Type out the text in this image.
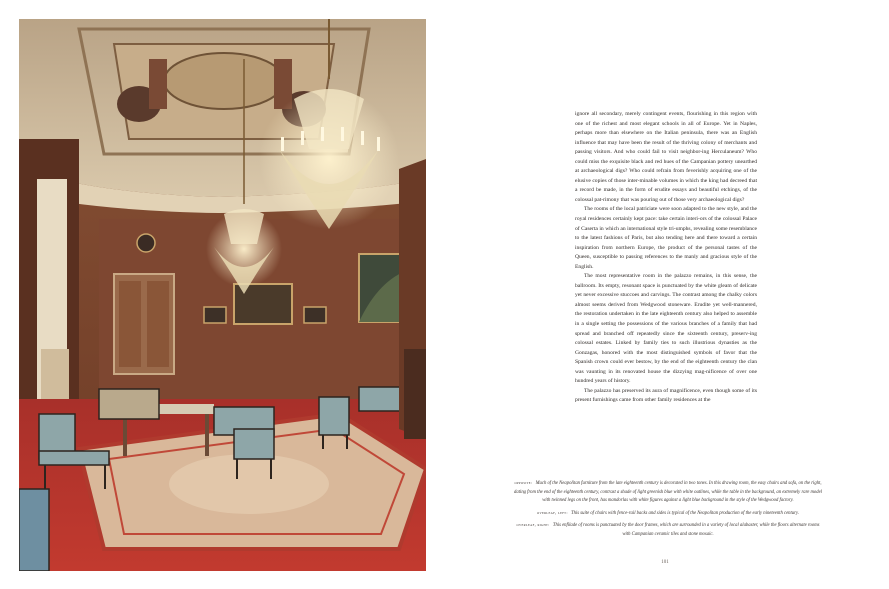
ignore all secondary, merely contingent events, flourishing in this region with one of the richest and most elegant schools in all of Europe. Yet in Naples, perhaps more than elsewhere on the Italian peninsula, there was an English influence that may have been the result of the thriving colony of merchants and passing visitors. And who could fail to visit neighbor-ing Herculaneum? Who could miss the exquisite black and red hues of the Campanian pottery unearthed at archaeological digs? Who could refrain from feverishly acquiring one of the elusive copies of those inter-minable volumes in which the king had decreed that a record be made, in the form of erudite essays and beautiful etchings, of the colossal pat-rimony that was pouring out of those very archaeological digs?

The rooms of the local patriciate were soon adapted to the new style, and the royal residences certainly kept pace: take certain interi-ors of the colossal Palace of Caserta in which an international style tri-umphs, revealing some resemblance to the latest fashions of Paris, but also tending here and there toward a certain inspiration from northern Europe, the product of the personal tastes of the Queen, susceptible to passing references to the manly and gracious style of the English.

The most representative room in the palazzo remains, in this sense, the ballroom. Its empty, resonant space is punctuated by the white gleam of delicate yet never excessive stuccoes and carvings. The contrast among the chalky colors almost seems derived from Wedgwood stoneware. Erudite yet well-mannered, the restoration undertaken in the late eighteenth century also helped to assemble in a single setting the possessions of the various branches of a family that had spread and branched off repeatedly since the sixteenth century, preserv-ing colossal estates. Linked by family ties to such illustrious dynasties as the Gonzagas, honored with the most distinguished symbols of favor that the Spanish crown could ever bestow, by the end of the eighteenth century the clan was vaunting in its renovated house the dizzying mag-nificence of over one hundred years of history.

The palazzo has preserved its aura of magnificence, even though some of its present furnishings came from other family residences at the

opposite: Much of the Neapolitan furniture from the late eighteenth century is decorated in two tones. In this drawing room, the easy chairs and sofa, on the right, dating from the end of the eighteenth century, contrast a shade of light greenish blue with white outlines, while the table in the background, an extremely rare model with twinned legs on the front, has mandorlas with white figures against a light blue background in the style of the Wedgwood factory.

overleaf, left: This suite of chairs with fence-rail backs and sides is typical of the Neapolitan production of the early nineteenth century.

overleaf, right: This enfilade of rooms is punctuated by the door frames, which are surrounded in a variety of local alabaster, while the floors alternate rooms with Campanian ceramic tiles and stone mosaic.

101
